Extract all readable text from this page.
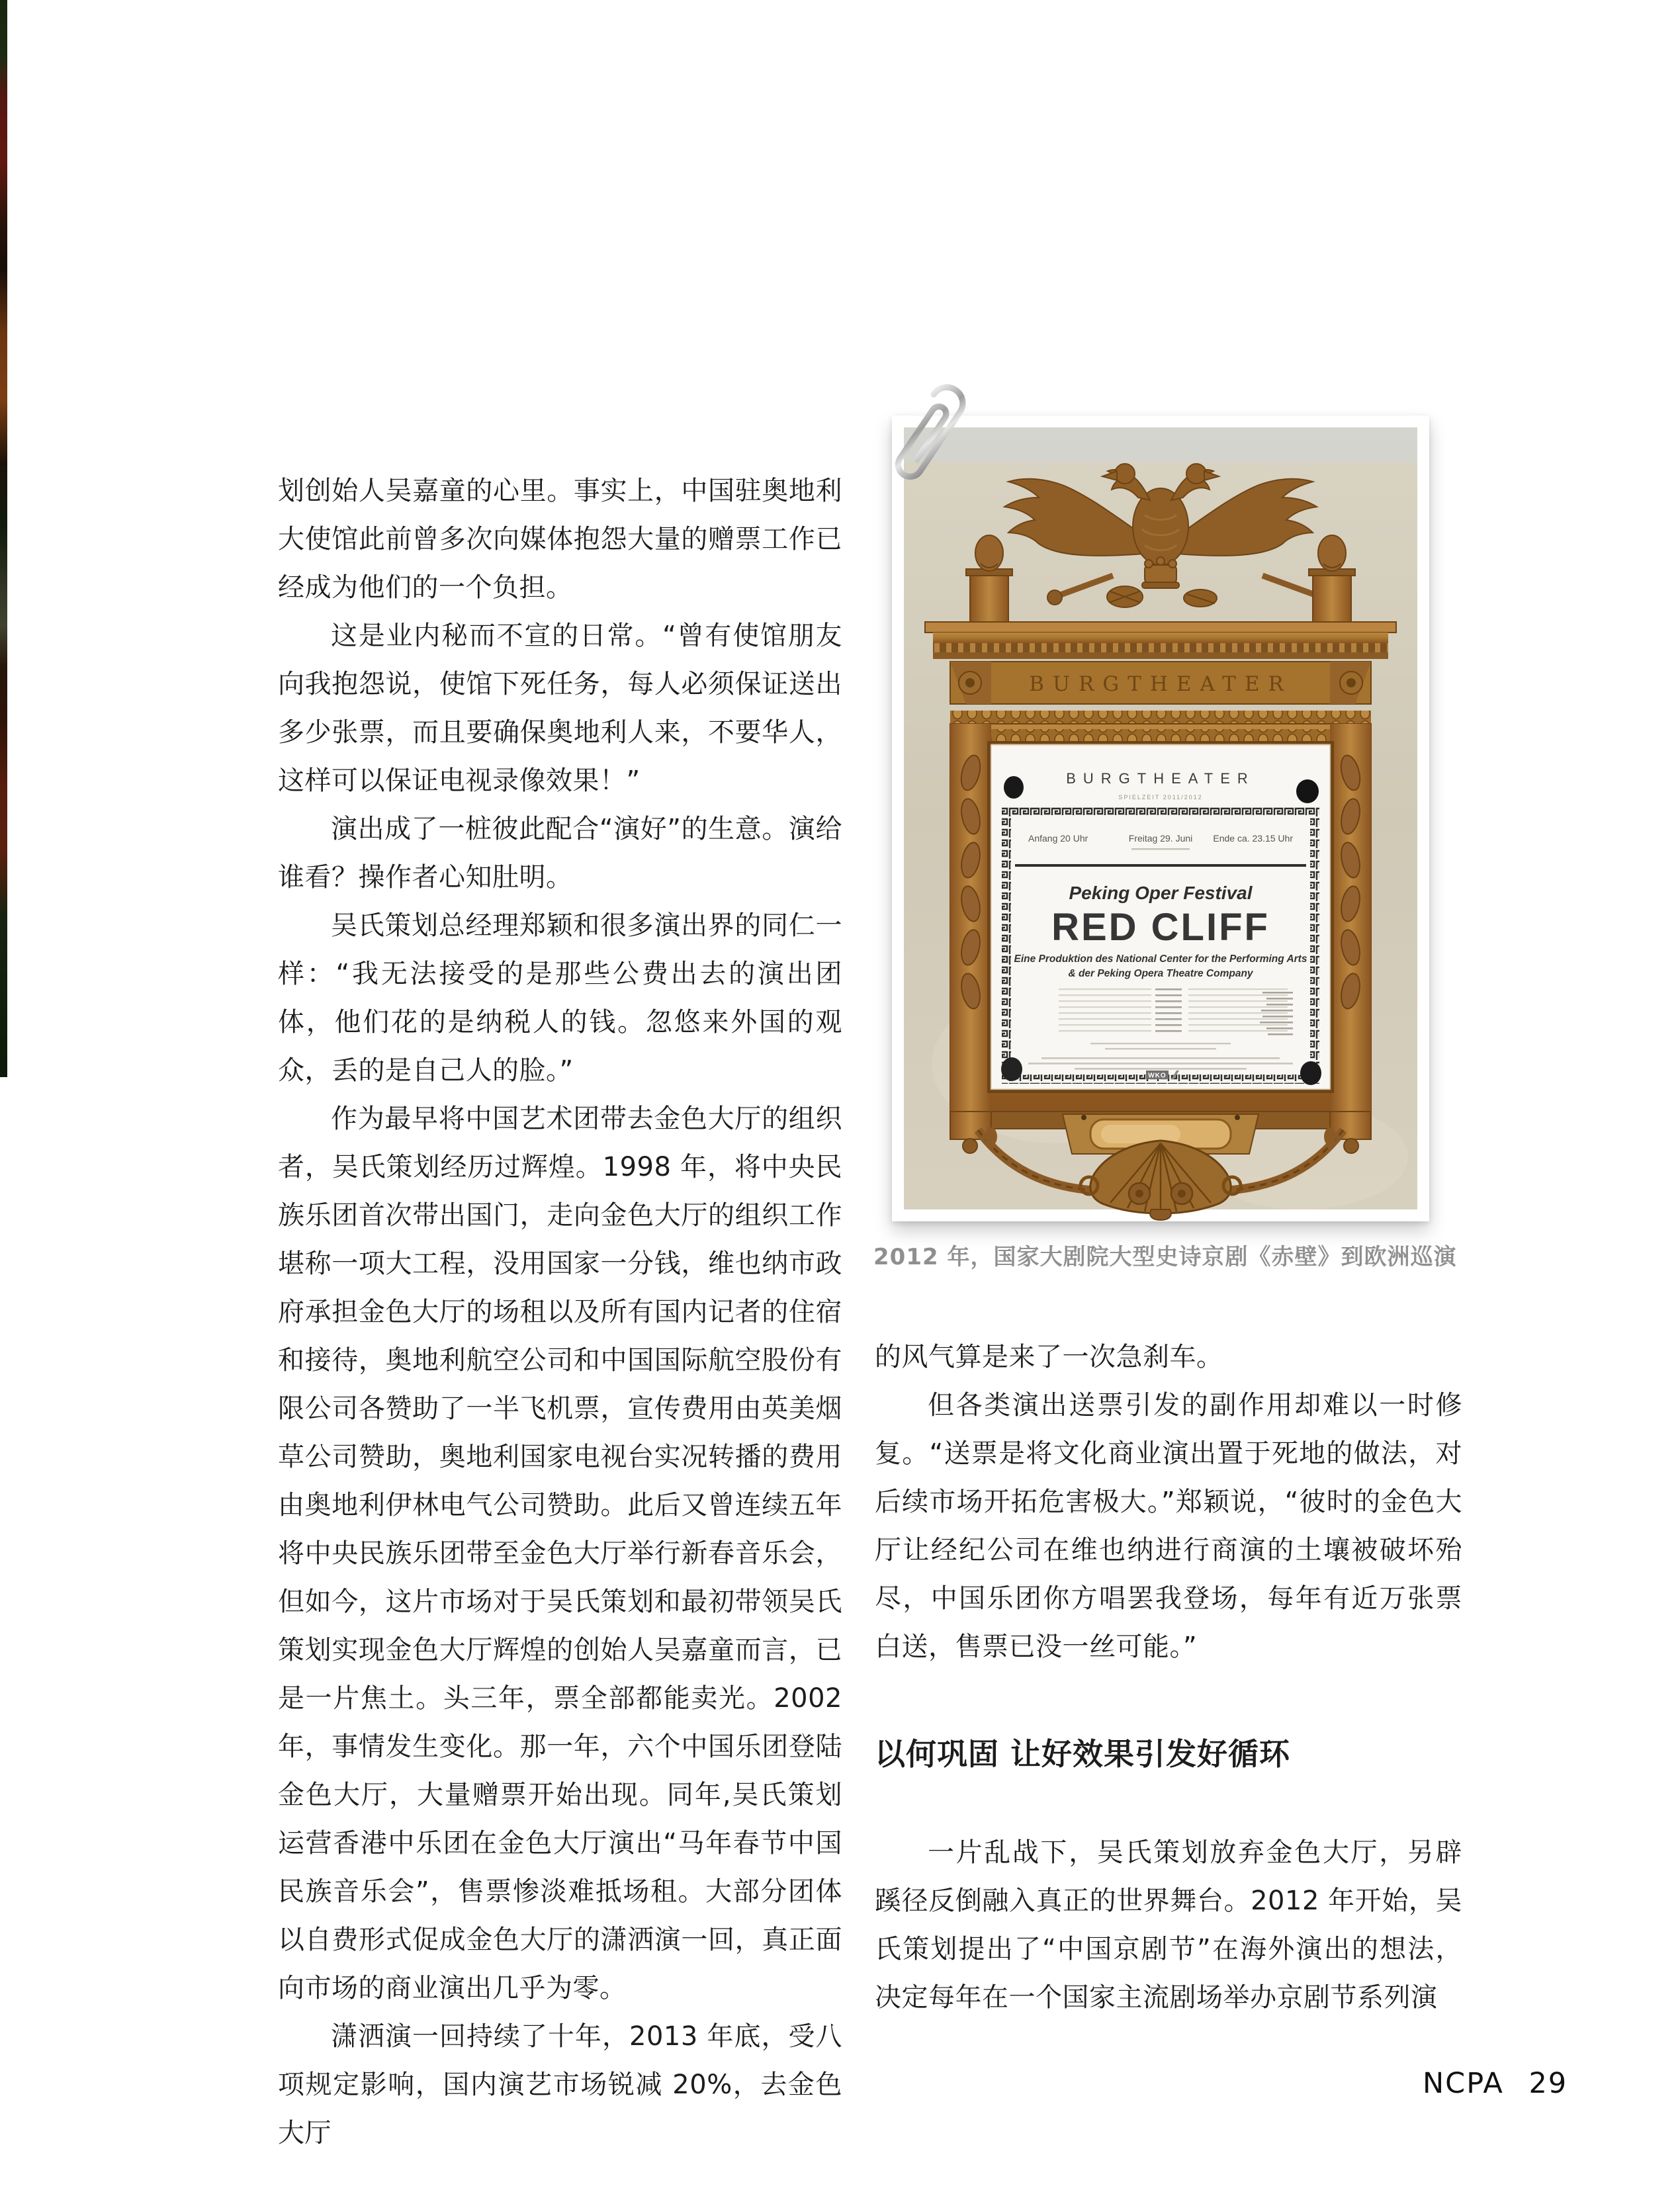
划创始人吴嘉童的心里。事实上，中国驻奥地利大使馆此前曾多次向媒体抱怨大量的赠票工作已经成为他们的一个负担。

这是业内秘而不宣的日常。“曾有使馆朋友向我抱怨说，使馆下死任务，每人必须保证送出多少张票，而且要确保奥地利人来，不要华人，这样可以保证电视录像效果！”

演出成了一桩彼此配合“演好”的生意。演给谁看？操作者心知肚明。

吴氏策划总经理郑颖和很多演出界的同仁一样：“我无法接受的是那些公费出去的演出团体，他们花的是纳税人的钱。忽悠来外国的观众，丢的是自己人的脸。”

作为最早将中国艺术团带去金色大厅的组织者，吴氏策划经历过辉煌。1998 年，将中央民族乐团首次带出国门，走向金色大厅的组织工作堪称一项大工程，没用国家一分钱，维也纳市政府承担金色大厅的场租以及所有国内记者的住宿和接待，奥地利航空公司和中国国际航空股份有限公司各赞助了一半飞机票，宣传费用由英美烟草公司赞助，奥地利国家电视台实况转播的费用由奥地利伊林电气公司赞助。此后又曾连续五年将中央民族乐团带至金色大厅举行新春音乐会，但如今，这片市场对于吴氏策划和最初带领吴氏策划实现金色大厅辉煌的创始人吴嘉童而言，已是一片焦土。头三年，票全部都能卖光。2002 年，事情发生变化。那一年，六个中国乐团登陆金色大厅，大量赠票开始出现。同年,吴氏策划运营香港中乐团在金色大厅演出“马年春节中国民族音乐会”，售票惨淡难抵场租。大部分团体以自费形式促成金色大厅的潇洒演一回，真正面向市场的商业演出几乎为零。

潇洒演一回持续了十年，2013 年底，受八项规定影响，国内演艺市场锐减 20%，去金色大厅

BURGTHEATER
BURGTHEATER
SPIELZEIT 2011/2012
Anfang 20 Uhr	Freitag 29. Juni Ende ca. 23.15 Uhr
Peking Oper Festival
RED CLIFF
Eine Produktion des National Center for the Performing Arts
& der Peking Opera Theatre Company
WKO
2012 年，国家大剧院大型史诗京剧《赤壁》到欧洲巡演

的风气算是来了一次急刹车。

但各类演出送票引发的副作用却难以一时修复。“送票是将文化商业演出置于死地的做法，对后续市场开拓危害极大。”郑颖说，“彼时的金色大厅让经纪公司在维也纳进行商演的土壤被破坏殆尽，中国乐团你方唱罢我登场，每年有近万张票白送，售票已没一丝可能。”

以何巩固 让好效果引发好循环

一片乱战下，吴氏策划放弃金色大厅，另辟蹊径反倒融入真正的世界舞台。2012 年开始，吴氏策划提出了“中国京剧节”在海外演出的想法，决定每年在一个国家主流剧场举办京剧节系列演

NCPA 29
